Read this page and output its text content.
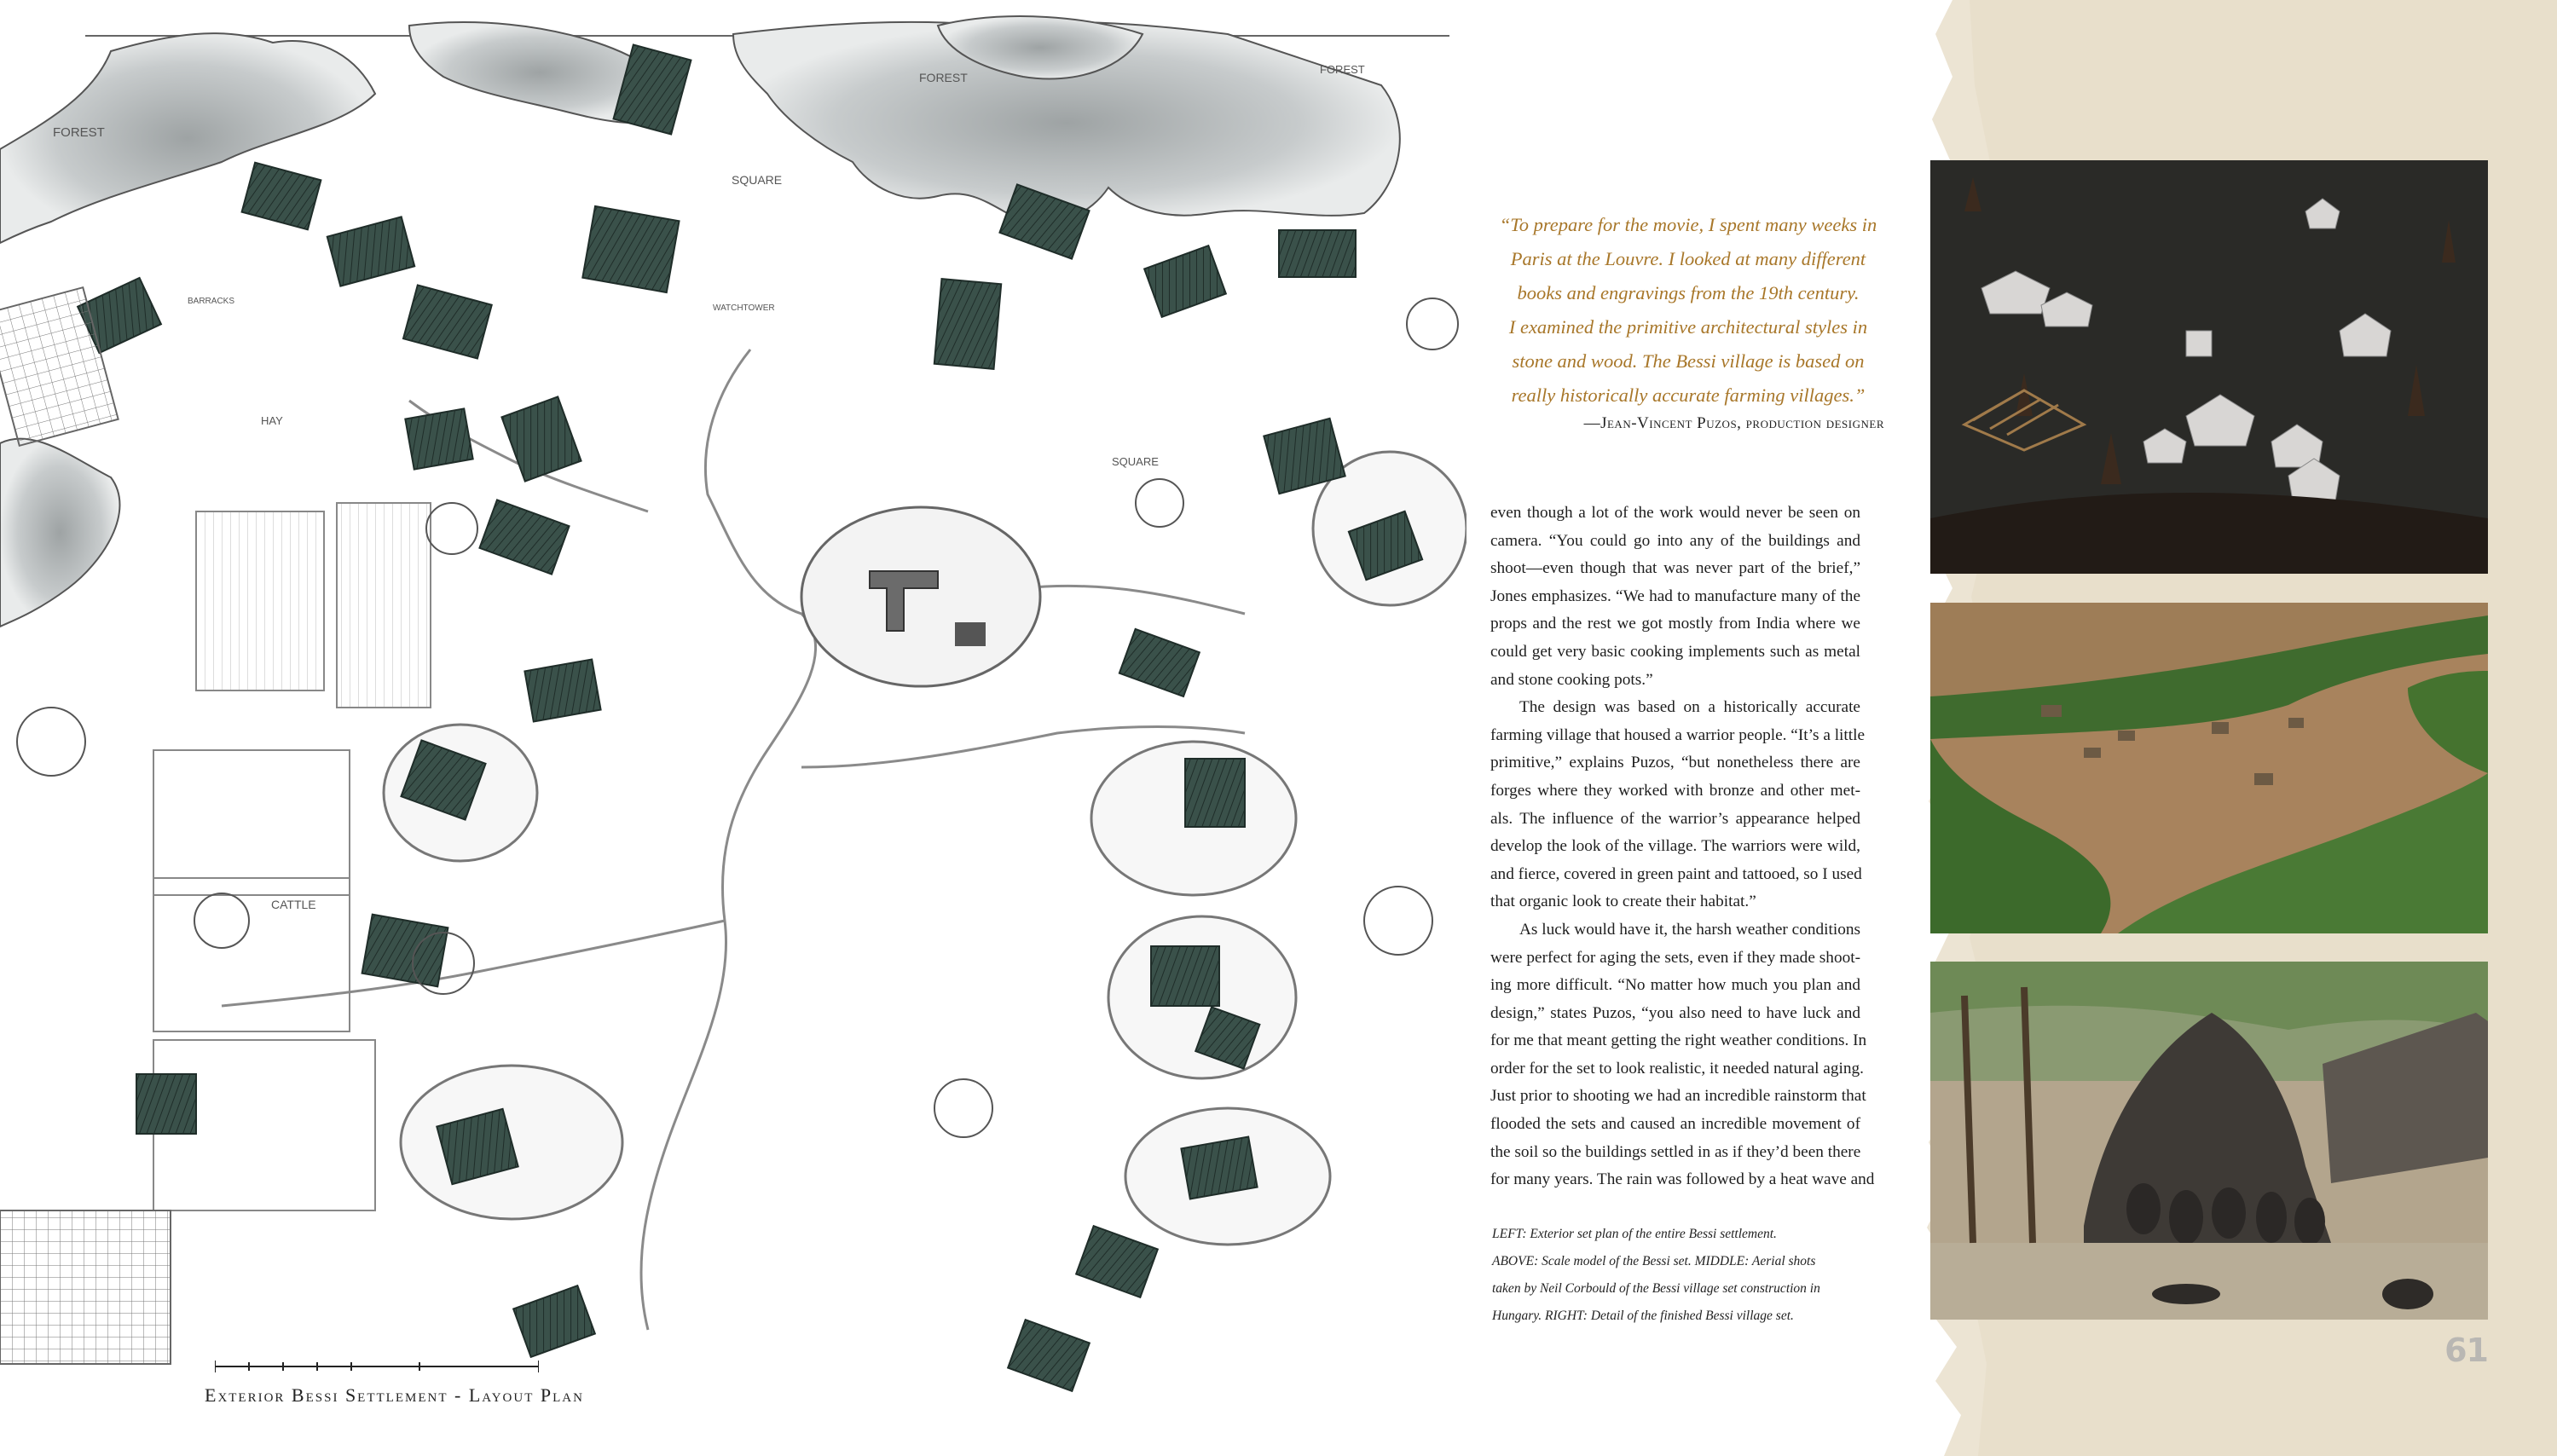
FOREST
FOREST
FOREST
SQUARE
SQUARE
HAY
CATTLE
WATCHTOWER
BARRACKS
Exterior Bessi Settlement - Layout Plan
“To prepare for the movie, I spent many weeks in
Paris at the Louvre. I looked at many different
books and engravings from the 19th century.
I examined the primitive architectural styles in
stone and wood. The Bessi village is based on
really historically accurate farming villages.”
—Jean-Vincent Puzos, production designer
even though a lot of the work would never be seen on
camera. “You could go into any of the buildings and
shoot—even though that was never part of the brief,”
Jones emphasizes. “We had to manufacture many of the
props and the rest we got mostly from India where we
could get very basic cooking implements such as metal
and stone cooking pots.”
The design was based on a historically accurate
farming village that housed a warrior people. “It’s a little
primitive,” explains Puzos, “but nonetheless there are
forges where they worked with bronze and other met-
als. The influence of the warrior’s appearance helped
develop the look of the village. The warriors were wild,
and fierce, covered in green paint and tattooed, so I used
that organic look to create their habitat.”
As luck would have it, the harsh weather conditions
were perfect for aging the sets, even if they made shoot-
ing more difficult. “No matter how much you plan and
design,” states Puzos, “you also need to have luck and
for me that meant getting the right weather conditions. In
order for the set to look realistic, it needed natural aging.
Just prior to shooting we had an incredible rainstorm that
flooded the sets and caused an incredible movement of
the soil so the buildings settled in as if they’d been there
for many years. The rain was followed by a heat wave and
LEFT: Exterior set plan of the entire Bessi settlement.
ABOVE: Scale model of the Bessi set. MIDDLE: Aerial shots
taken by Neil Corbould of the Bessi village set construction in
Hungary. RIGHT: Detail of the finished Bessi village set.
61
